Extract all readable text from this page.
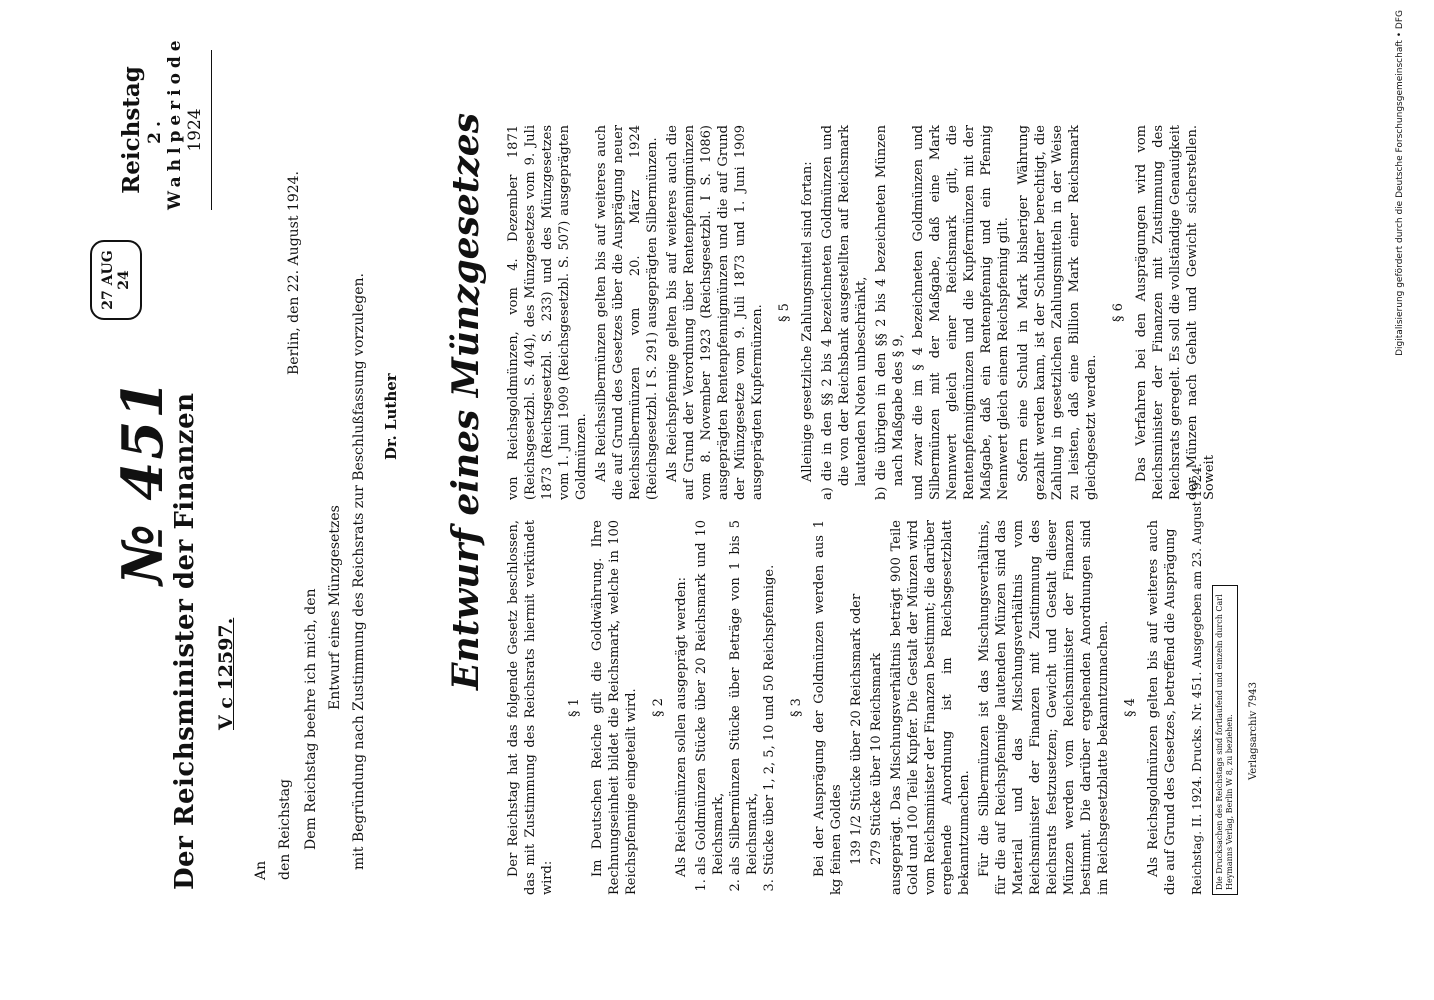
Der Reichsminister der Finanzen V c 12597.
№ 451
27 AUG 24
Reichstag 2. Wahlperiode 1924

An den Reichstag

Berlin, den 22. August 1924.

Dem Reichstag beehre ich mich, den Entwurf eines Münzgesetzes mit Begründung nach Zustimmung des Reichsrats zur Beschlußfassung vorzulegen. Dr. Luther Entwurf eines Münzgesetzes

Der Reichstag hat das folgende Gesetz beschlossen, das mit Zustimmung des Reichsrats hiermit verkündet wird:

§ 1 Im Deutschen Reiche gilt die Goldwährung. Ihre Rechnungseinheit bildet die Reichsmark, welche in 100 Reichspfennige eingeteilt wird. § 2 Als Reichsmünzen sollen ausgeprägt werden: 1. als Goldmünzen Stücke über 20 Reichsmark und 10 Reichsmark, 2. als Silbermünzen Stücke über Beträge von 1 bis 5 Reichsmark, 3. Stücke über 1, 2, 5, 10 und 50 Reichspfennige. § 3 Bei der Ausprägung der Goldmünzen werden aus 1 kg feinen Goldes 139 1/2 Stücke über 20 Reichsmark oder 279 Stücke über 10 Reichsmark ausgeprägt. Das Mischungsverhältnis beträgt 900 Teile Gold und 100 Teile Kupfer. Die Gestalt der Münzen wird vom Reichsminister der Finanzen bestimmt; die darüber ergehende Anordnung ist im Reichsgesetzblatt bekanntzumachen. Für die Silbermünzen ist das Mischungsverhältnis, für die auf Reichspfennige lautenden Münzen sind das Material und das Mischungsverhältnis vom Reichsminister der Finanzen mit Zustimmung des Reichsrats festzusetzen; Gewicht und Gestalt dieser Münzen werden vom Reichsminister der Finanzen bestimmt. Die darüber ergehenden Anordnungen sind im Reichsgesetzblatte bekanntzumachen. § 4 Als Reichsgoldmünzen gelten bis auf weiteres auch die auf Grund des Gesetzes, betreffend die Ausprägung

von Reichsgoldmünzen, vom 4. Dezember 1871 (Reichsgesetzbl. S. 404), des Münzgesetzes vom 9. Juli 1873 (Reichsgesetzbl. S. 233) und des Münzgesetzes vom 1. Juni 1909 (Reichsgesetzbl. S. 507) ausgeprägten Goldmünzen. Als Reichssilbermünzen gelten bis auf weiteres auch die auf Grund des Gesetzes über die Ausprägung neuer Reichssilbermünzen vom 20. März 1924 (Reichsgesetzbl. I S. 291) ausgeprägten Silbermünzen. Als Reichspfennige gelten bis auf weiteres auch die auf Grund der Verordnung über Rentenpfennigmünzen vom 8. November 1923 (Reichsgesetzbl. I S. 1086) ausgeprägten Rentenpfennigmünzen und die auf Grund der Münzgesetze vom 9. Juli 1873 und 1. Juni 1909 ausgeprägten Kupfermünzen. § 5 Alleinige gesetzliche Zahlungsmittel sind fortan: a) die in den §§ 2 bis 4 bezeichneten Goldmünzen und die von der Reichsbank ausgestellten auf Reichsmark lautenden Noten unbeschränkt, b) die übrigen in den §§ 2 bis 4 bezeichneten Münzen nach Maßgabe des § 9, und zwar die im § 4 bezeichneten Goldmünzen und Silbermünzen mit der Maßgabe, daß eine Mark Nennwert gleich einer Reichsmark gilt, die Rentenpfennigmünzen und die Kupfermünzen mit der Maßgabe, daß ein Rentenpfennig und ein Pfennig Nennwert gleich einem Reichspfennig gilt. Sofern eine Schuld in Mark bisheriger Währung gezahlt werden kann, ist der Schuldner berechtigt, die Zahlung in gesetzlichen Zahlungsmitteln in der Weise zu leisten, daß eine Billion Mark einer Reichsmark gleichgesetzt werden.

§ 6 Das Verfahren bei den Ausprägungen wird vom Reichsminister der Finanzen mit Zustimmung des Reichsrats geregelt. Es soll die vollständige Genauigkeit der Münzen nach Gehalt und Gewicht sicherstellen. Soweit

Reichstag. II. 1924. Drucks. Nr. 451. Ausgegeben am 23. August 1924.	Die Drucksachen des Reichstags sind fortlaufend und einzeln durch Carl Heymanns Verlag, Berlin W 8, zu beziehen.	Verlagsarchiv 7943
Digitalisierung gefördert durch die Deutsche Forschungsgemeinschaft • DFG
